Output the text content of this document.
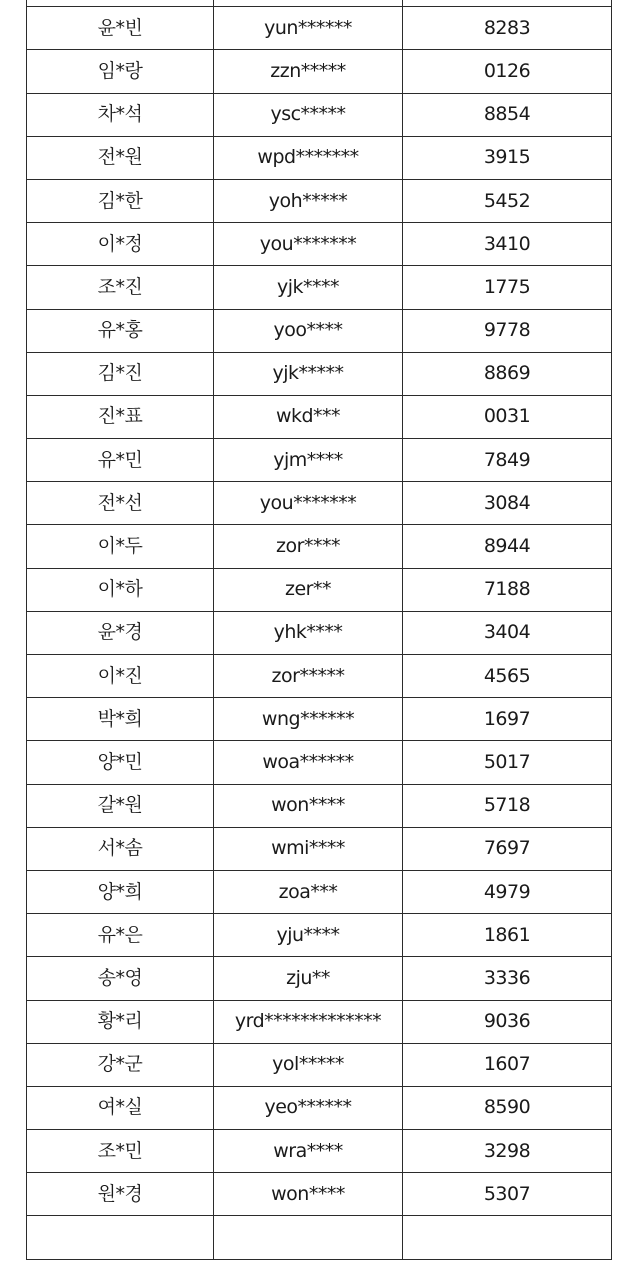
윤*빈	yun******	8283
임*랑	zzn*****	0126
차*석	ysc*****	8854
전*원	wpd*******	3915
김*한	yoh*****	5452
이*정	you*******	3410
조*진	yjk****	1775
유*홍	yoo****	9778
김*진	yjk*****	8869
진*표	wkd***	0031
유*민	yjm****	7849
전*선	you*******	3084
이*두	zor****	8944
이*하	zer**	7188
윤*경	yhk****	3404
이*진	zor*****	4565
박*희	wng******	1697
양*민	woa******	5017
갈*원	won****	5718
서*솜	wmi****	7697
양*희	zoa***	4979
유*은	yju****	1861
송*영	zju**	3336
황*리	yrd*************	9036
강*군	yol*****	1607
여*실	yeo******	8590
조*민	wra****	3298
원*경	won****	5307
